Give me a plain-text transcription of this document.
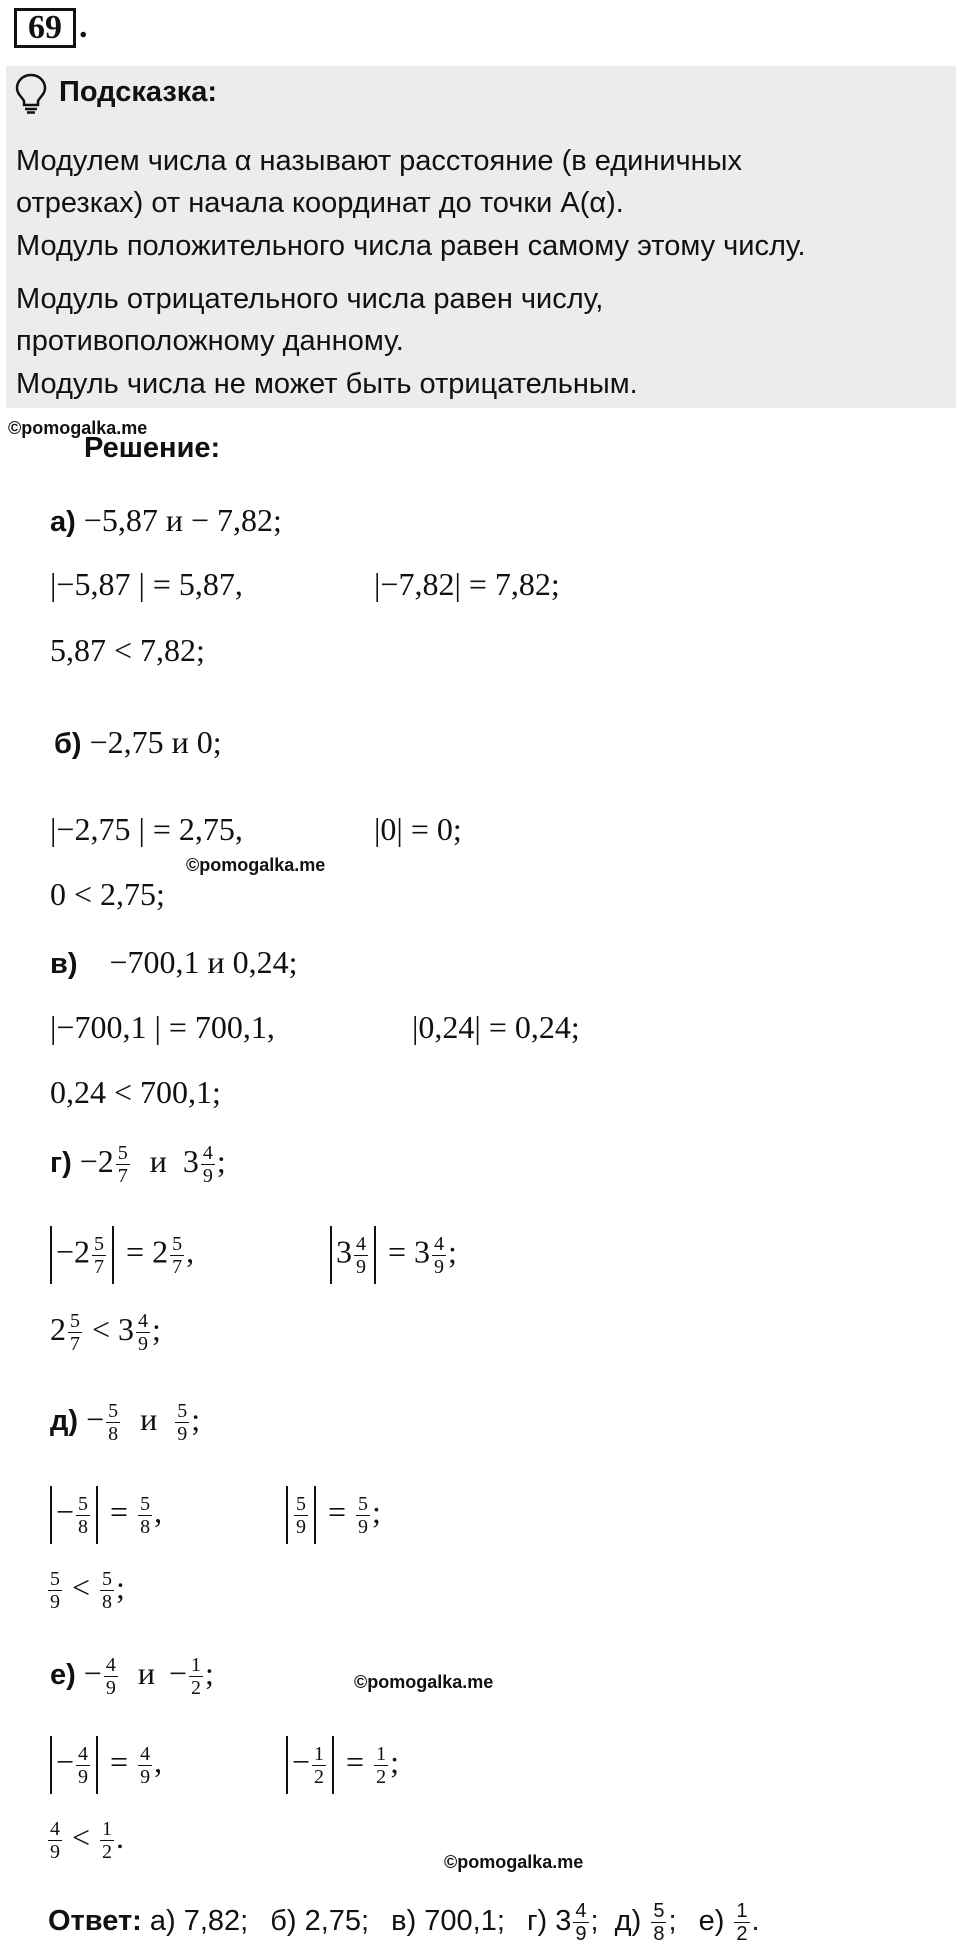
69 .
Подсказка:
Модулем числа α называют расстояние (в единичных
отрезках) от начала координат до точки A(α).
Модуль положительного числа равен самому этому числу.
Модуль отрицательного числа равен числу,
противоположному данному.
Модуль числа не может быть отрицательным.
©pomogalka.me
©pomogalka.me
©pomogalka.me
©pomogalka.me
Решение:
а) −5,87 и − 7,82;
|−5,87 | = 5,87,	|−7,82| = 7,82;
5,87 < 7,82;
б) −2,75 и 0;
|−2,75 | = 2,75,	|0| = 0;
0 < 2,75;
в) −700,1 и 0,24;
|−700,1 | = 700,1,	|0,24| = 0,24;
0,24 < 700,1;
$г) -2 \frac{5}{7}$ и $3 \frac{4}{9}$ ;
$-2 \frac{5}{7} = 2 \frac{5}{7}$ ,	$3 \frac{4}{9} = 3 \frac{4}{9}$ ;
$2 \frac{5}{7} < 3 \frac{4}{9}$ ;
$д) - \frac{5}{8}$ и $\frac{5}{9}$ ;
− $\frac{5}{8} = \frac{5}{8}$ ,	$\frac{5}{9} = \frac{5}{9}$ ;
$\frac{5}{9} < \frac{5}{8}$ ;
$е) - \frac{4}{9}$ $и - \frac{1}{2}$ ;
− $\frac{4}{9} = \frac{4}{9}$ ,	− $\frac{1}{2} = \frac{1}{2}$ ;
$\frac{4}{9} < \frac{1}{2}$ .
Ответ: а) 7,82; б) 2,75; в) 700,1; г) $3 \frac{4}{9}$ ; $д) \frac{5}{8}$ ; $е) \frac{1}{2}$ .
